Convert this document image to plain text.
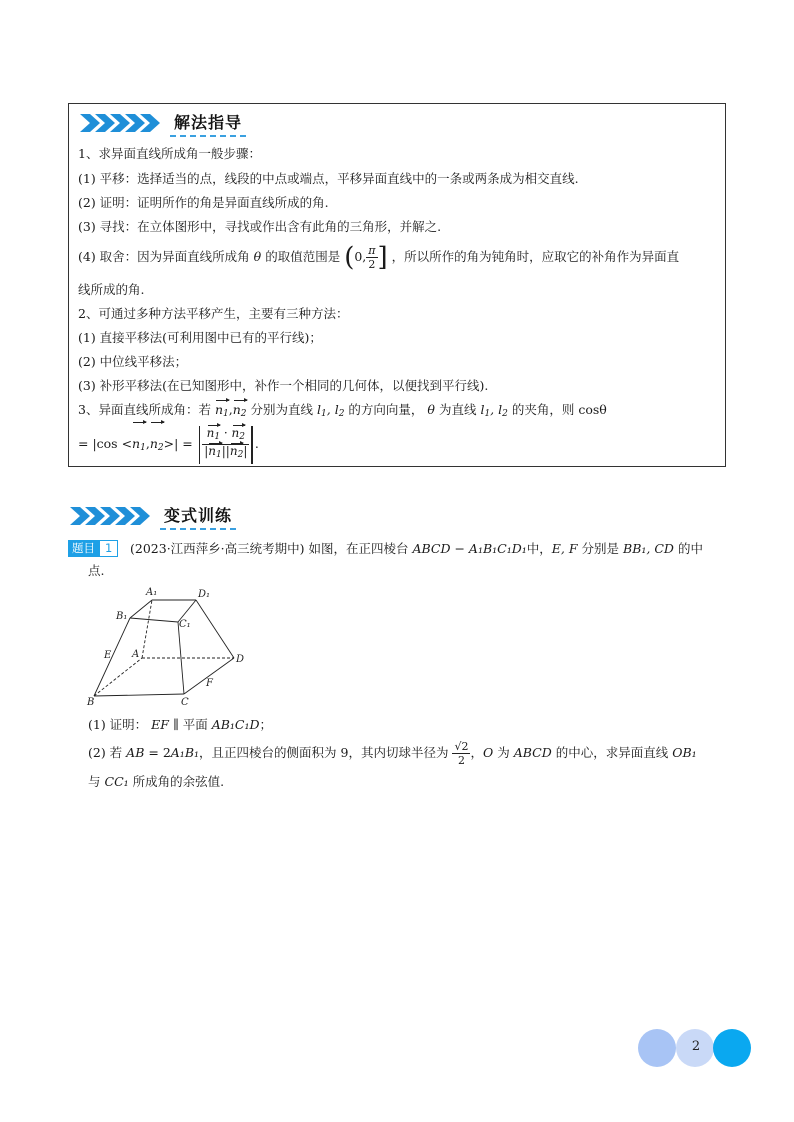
解法指导
1、求异面直线所成角一般步骤：
(1) 平移：选择适当的点，线段的中点或端点，平移异面直线中的一条或两条成为相交直线.
(2) 证明：证明所作的角是异面直线所成的角.
(3) 寻找：在立体图形中，寻找或作出含有此角的三角形，并解之.
(4) 取舍：因为异面直线所成角 θ 的取值范围是 (0, $\frac{\pi}{2}$ ] ，所以所作的角为钝角时，应取它的补角作为异面直
线所成的角.
2、可通过多种方法平移产生，主要有三种方法：
(1) 直接平移法(可利用图中已有的平行线)；
(2) 中位线平移法；
(3) 补形平移法(在已知图形中，补作一个相同的几何体，以便找到平行线).
3、异面直线所成角：若 n1,n2 分别为直线 l1, l2 的方向向量， θ 为直线 l1, l2 的夹角，则 cosθ
= $|\cos <n1,n2>| = \frac{n1 \cdot n2}{|n1||n2|}$ .
变式训练
题目 1	(2023·江西萍乡·高三统考期中) 如图，在正四棱台 ABCD − A₁B₁C₁D₁中，E, F 分别是 BB₁, CD 的中
点.
A₁	D₁
B₁
C₁
A
B	C
D
E
F
(1) 证明： EF ∥ 平面 AB₁C₁D；
(2) 若 AB = 2A₁B₁，且正四棱台的侧面积为 9，其内切球半径为 $\frac{√2}{2}$ ，O 为 ABCD 的中心，求异面直线 OB₁
与 CC₁ 所成角的余弦值.
2
